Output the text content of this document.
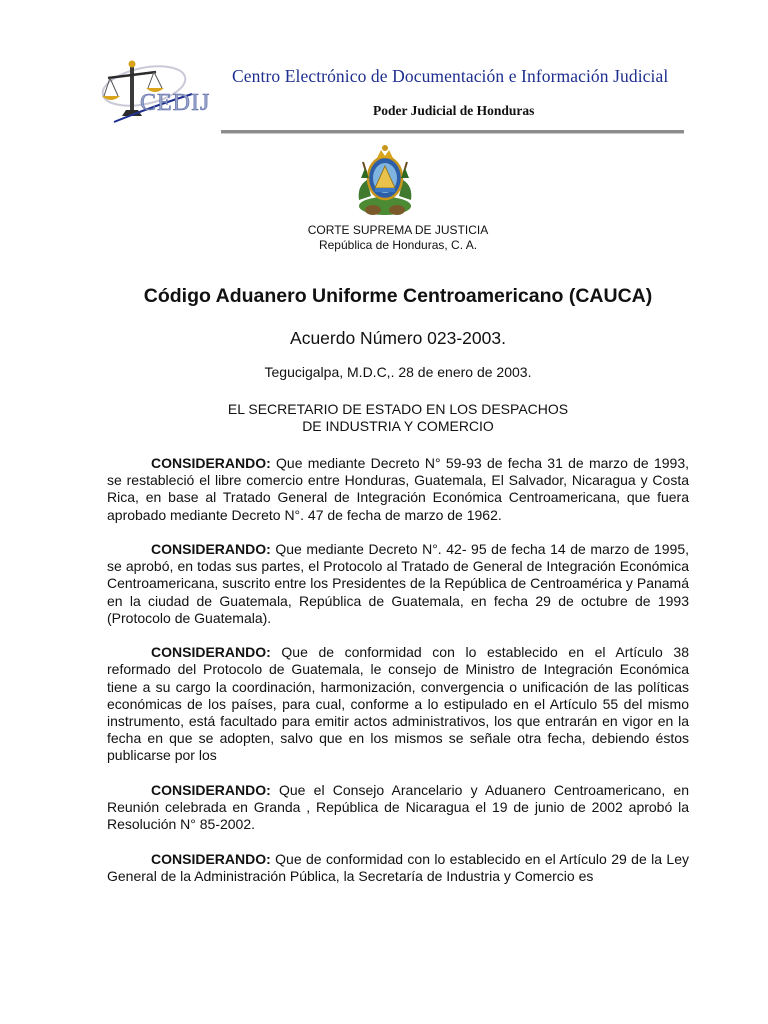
CEDIJ
Centro Electrónico de Documentación e Información Judicial
Poder Judicial de Honduras
CORTE SUPREMA DE JUSTICIA
República de Honduras, C. A.
Código Aduanero Uniforme Centroamericano (CAUCA)
Acuerdo Número 023-2003.
Tegucigalpa, M.D.C,. 28 de enero de 2003.
EL SECRETARIO DE ESTADO EN LOS DESPACHOS
DE INDUSTRIA Y COMERCIO

CONSIDERANDO: Que mediante Decreto N° 59-93 de fecha 31 de marzo de 1993, se restableció el libre comercio entre Honduras, Guatemala, El Salvador, Nicaragua y Costa Rica, en base al Tratado General de Integración Económica Centroamericana, que fuera aprobado mediante Decreto N°. 47 de fecha de marzo de 1962.

CONSIDERANDO: Que mediante Decreto N°. 42- 95 de fecha 14 de marzo de 1995, se aprobó, en todas sus partes, el Protocolo al Tratado de General de Integración Económica Centroamericana, suscrito entre los Presidentes de la República de Centroamérica y Panamá en la ciudad de Guatemala, República de Guatemala, en fecha 29 de octubre de 1993 (Protocolo de Guatemala).

CONSIDERANDO: Que de conformidad con lo establecido en el Artículo 38 reformado del Protocolo de Guatemala, le consejo de Ministro de Integración Económica tiene a su cargo la coordinación, harmonización, convergencia o unificación de las políticas económicas de los países, para cual, conforme a lo estipulado en el Artículo 55 del mismo instrumento, está facultado para emitir actos administrativos, los que entrarán en vigor en la fecha en que se adopten, salvo que en los mismos se señale otra fecha, debiendo éstos publicarse por los

CONSIDERANDO: Que el Consejo Arancelario y Aduanero Centroamericano, en Reunión celebrada en Granda , República de Nicaragua el 19 de junio de 2002 aprobó la Resolución N° 85-2002.

CONSIDERANDO: Que de conformidad con lo establecido en el Artículo 29 de la Ley General de la Administración Pública, la Secretaría de Industria y Comercio es
